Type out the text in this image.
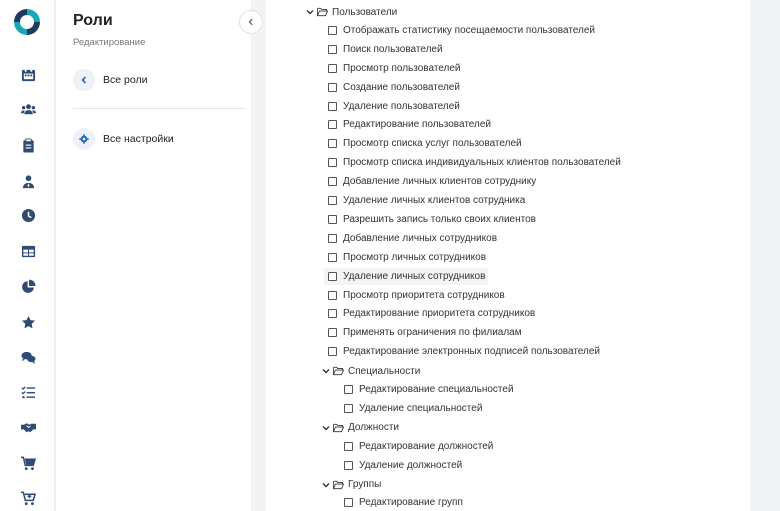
Роли
Редактирование
Все роли
Все настройки
Пользователи
Отображать статистику посещаемости пользователей
Поиск пользователей
Просмотр пользователей
Создание пользователей
Удаление пользователей
Редактирование пользователей
Просмотр списка услуг пользователей
Просмотр списка индивидуальных клиентов пользователей
Добавление личных клиентов сотруднику
Удаление личных клиентов сотрудника
Разрешить запись только своих клиентов
Добавление личных сотрудников
Просмотр личных сотрудников
Удаление личных сотрудников
Просмотр приоритета сотрудников
Редактирование приоритета сотрудников
Применять ограничения по филиалам
Редактирование электронных подписей пользователей
Специальности
Редактирование специальностей
Удаление специальностей
Должности
Редактирование должностей
Удаление должностей
Группы
Редактирование групп
